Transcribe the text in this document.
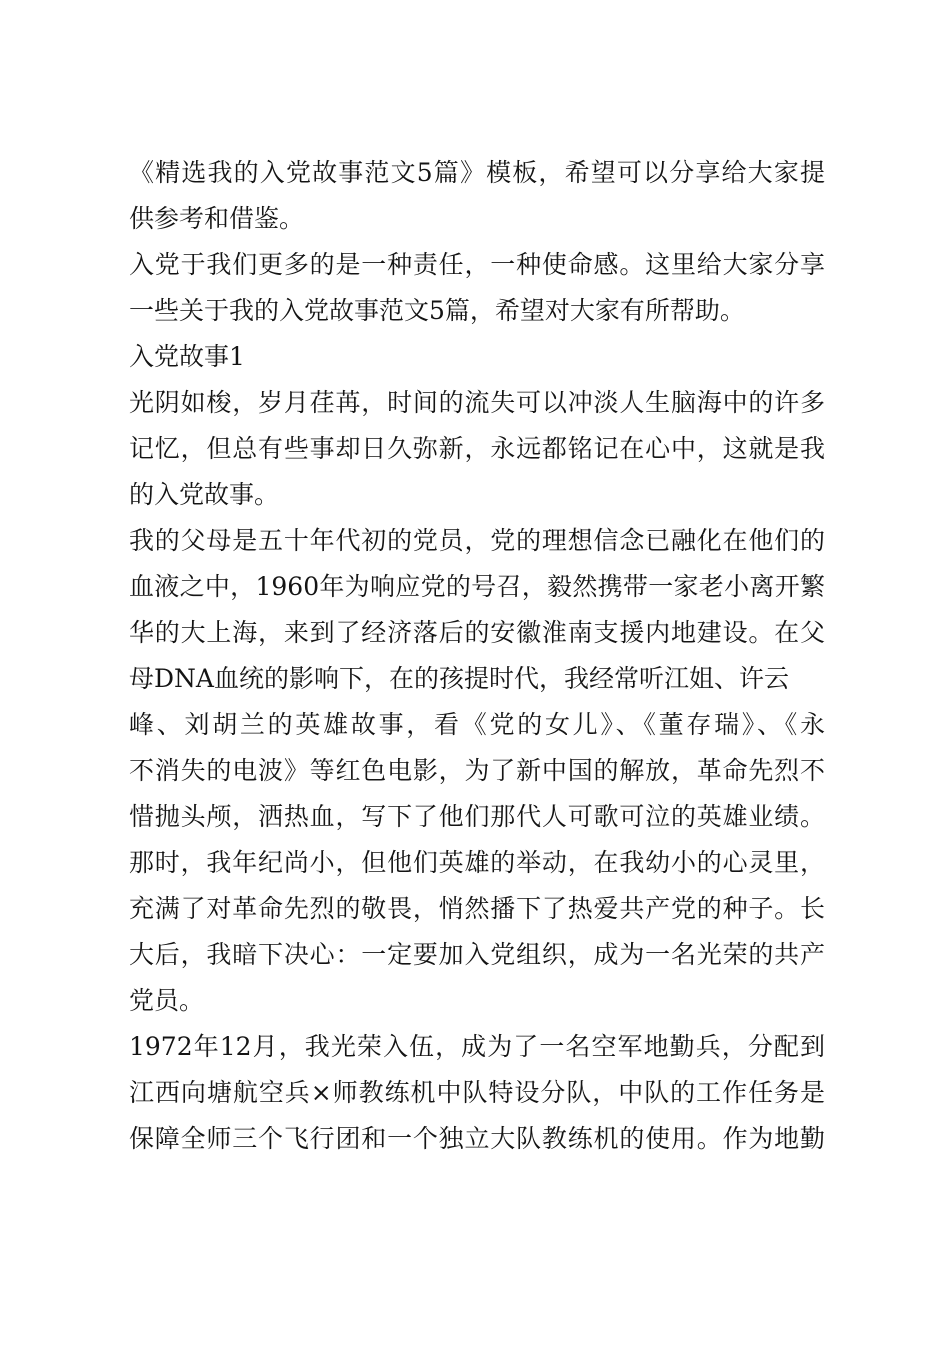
《精选我的入党故事范文5篇》模板，希望可以分享给大家提
供参考和借鉴。
入党于我们更多的是一种责任，一种使命感。这里给大家分享
一些关于我的入党故事范文5篇，希望对大家有所帮助。
入党故事1
光阴如梭，岁月荏苒，时间的流失可以冲淡人生脑海中的许多
记忆，但总有些事却日久弥新，永远都铭记在心中，这就是我
的入党故事。
我的父母是五十年代初的党员，党的理想信念已融化在他们的
血液之中，1960年为响应党的号召，毅然携带一家老小离开繁
华的大上海，来到了经济落后的安徽淮南支援内地建设。在父
母DNA血统的影响下，在的孩提时代，我经常听江姐、许云
峰、刘胡兰的英雄故事，看《党的女儿》、《董存瑞》、《永
不消失的电波》等红色电影，为了新中国的解放，革命先烈不
惜抛头颅，洒热血，写下了他们那代人可歌可泣的英雄业绩。
那时，我年纪尚小，但他们英雄的举动，在我幼小的心灵里，
充满了对革命先烈的敬畏，悄然播下了热爱共产党的种子。长
大后，我暗下决心：一定要加入党组织，成为一名光荣的共产
党员。
1972年12月，我光荣入伍，成为了一名空军地勤兵，分配到
江西向塘航空兵×师教练机中队特设分队，中队的工作任务是
保障全师三个飞行团和一个独立大队教练机的使用。作为地勤
